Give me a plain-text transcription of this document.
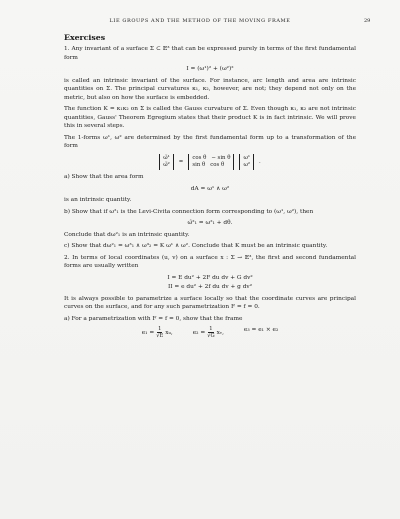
LIE GROUPS AND THE METHOD OF THE MOVING FRAME	29
Exercises

1. Any invariant of a surface Σ ⊂ 𝔼³ that can be expressed purely in terms of the first fundamental form

I = (ω¹)² + (ω²)²

is called an intrinsic invariant of the surface. For instance, arc length and area are intrinsic quantities on Σ. The principal curvatures κ₁, κ₂, however, are not; they depend not only on the metric, but also on how the surface is embedded.

The function K = κ₁κ₂ on Σ is called the Gauss curvature of Σ. Even though κ₁, κ₂ are not intrinsic quantities, Gauss' Theorem Egregium states that their product K is in fact intrinsic. We will prove this in several steps.

The 1-forms ω¹, ω² are determined by the first fundamental form up to a transformation of the form

ω̃¹
ω̃²
=
cos θ − sin θ
sin θ cos θ
ω¹
ω²
.

a) Show that the area form

dA = ω¹ ∧ ω²

is an intrinsic quantity.

b) Show that if ω²₁ is the Levi-Civita connection form corresponding to (ω¹, ω²), then

ω̃²₁ = ω²₁ + dθ.

Conclude that dω²₁ is an intrinsic quantity.

c) Show that dω²₁ = ω³₁ ∧ ω³₂ = K ω¹ ∧ ω². Conclude that K must be an intrinsic quantity.

2. In terms of local coordinates (u, v) on a surface x : Σ → 𝔼³, the first and second fundamental forms are usually written

I = E du² + 2F du dv + G dv²
II = e du² + 2f du dv + g dv²

It is always possible to parametrize a surface locally so that the coordinate curves are principal curves on the surface, and for any such parametrization F = f = 0.

a) For a parametrization with F = f = 0, show that the frame

$e_1 = \frac{1}{√E}$ xᵤ,	$e_2 = \frac{1}{√G}$ xᵥ,	e₃ = e₁ × e₂
